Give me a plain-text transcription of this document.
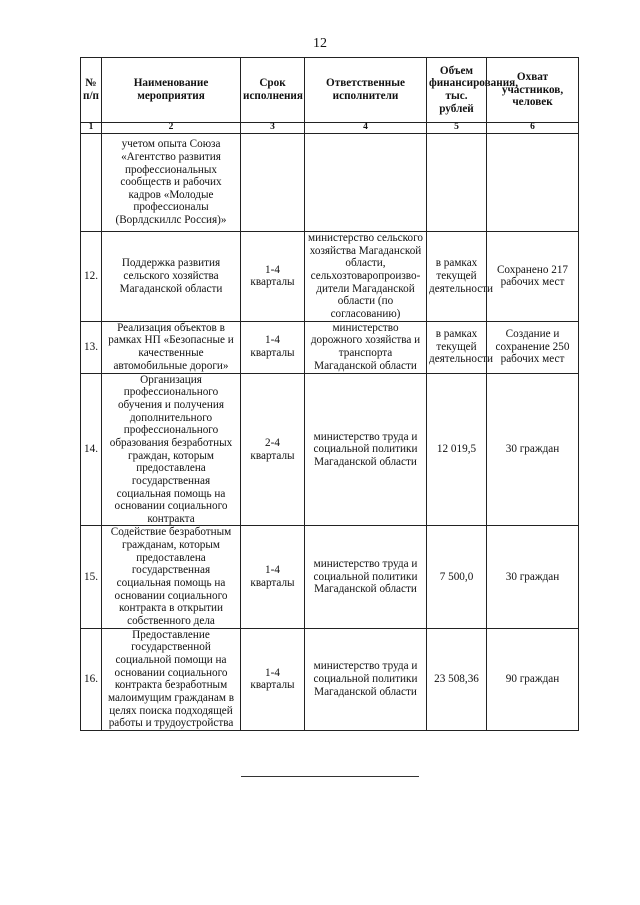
12
№ п/п	Наименование мероприятия	Срок исполнения	Ответственные исполнители	Объем финансирования, тыс. рублей	Охват участников, человек
1	2	3	4	5	6
	учетом опыта Союза «Агентство развития профессиональных сообществ и рабочих кадров «Молодые профессионалы (Ворлдскиллс Россия)»				
12.	Поддержка развития сельского хозяйства Магаданской области	1-4 кварталы	министерство сельского хозяйства Магаданской области, сельхозтоваропроизво- дители Магаданской области (по согласованию)	в рамках текущей деятельности	Сохранено 217 рабочих мест
13.	Реализация объектов в рамках НП «Безопасные и качественные автомобильные дороги»	1-4 кварталы	министерство дорожного хозяйства и транспорта Магаданской области	в рамках текущей деятельности	Создание и сохранение 250 рабочих мест
14.	Организация профессионального обучения и получения дополнительного профессионального образования безработных граждан, которым предоставлена государственная социальная помощь на основании социального контракта	2-4 кварталы	министерство труда и социальной политики Магаданской области	12 019,5	30 граждан
15.	Содействие безработным гражданам, которым предоставлена государственная социальная помощь на основании социального контракта в открытии собственного дела	1-4 кварталы	министерство труда и социальной политики Магаданской области	7 500,0	30 граждан
16.	Предоставление государственной социальной помощи на основании социального контракта безработным малоимущим гражданам в целях поиска подходящей работы и трудоустройства	1-4 кварталы	министерство труда и социальной политики Магаданской области	23 508,36	90 граждан
